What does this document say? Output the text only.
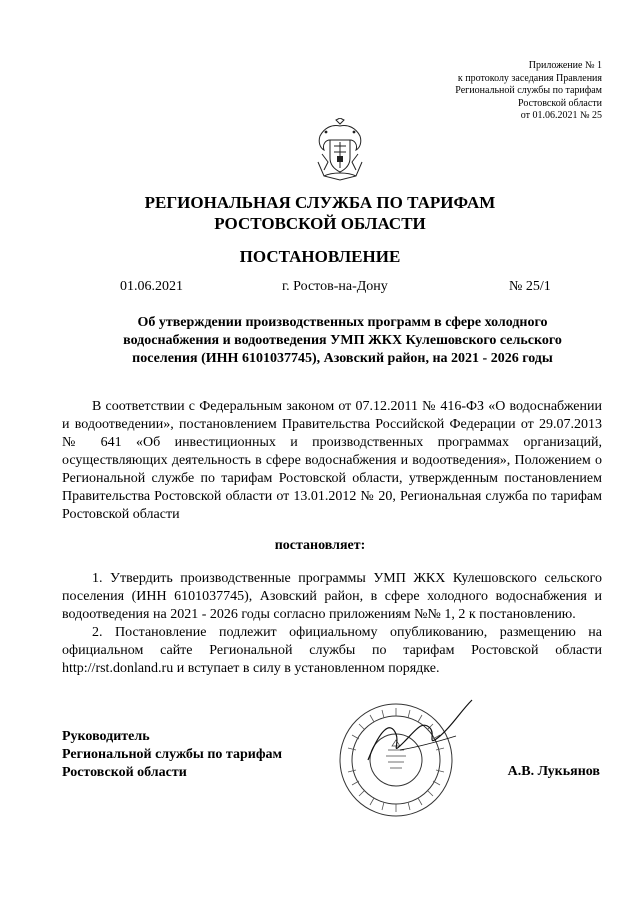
Приложение № 1
к протоколу заседания Правления
Региональной службы по тарифам
Ростовской области
от 01.06.2021 № 25
РЕГИОНАЛЬНАЯ СЛУЖБА ПО ТАРИФАМ
РОСТОВСКОЙ ОБЛАСТИ
ПОСТАНОВЛЕНИЕ
01.06.2021	г. Ростов-на-Дону	№ 25/1
Об утверждении производственных программ в сфере холодного водоснабжения и водоотведения УМП ЖКХ Кулешовского сельского поселения (ИНН 6101037745), Азовский район, на 2021 - 2026 годы

В соответствии с Федеральным законом от 07.12.2011 № 416-ФЗ «О водоснабжении и водоотведении», постановлением Правительства Российской Федерации от 29.07.2013 № 641 «Об инвестиционных и производственных программах организаций, осуществляющих деятельность в сфере водоснабжения и водоотведения», Положением о Региональной службе по тарифам Ростовской области, утвержденным постановлением Правительства Ростовской области от 13.01.2012 № 20, Региональная служба по тарифам Ростовской области

постановляет:

1. Утвердить производственные программы УМП ЖКХ Кулешовского сельского поселения (ИНН 6101037745), Азовский район, в сфере холодного водоснабжения и водоотведения на 2021 - 2026 годы согласно приложениям №№ 1, 2 к постановлению.

2. Постановление подлежит официальному опубликованию, размещению на официальном сайте Региональной службы по тарифам Ростовской области http://rst.donland.ru и вступает в силу в установленном порядке.

Руководитель
Региональной службы по тарифам
Ростовской области	А.В. Лукьянов
